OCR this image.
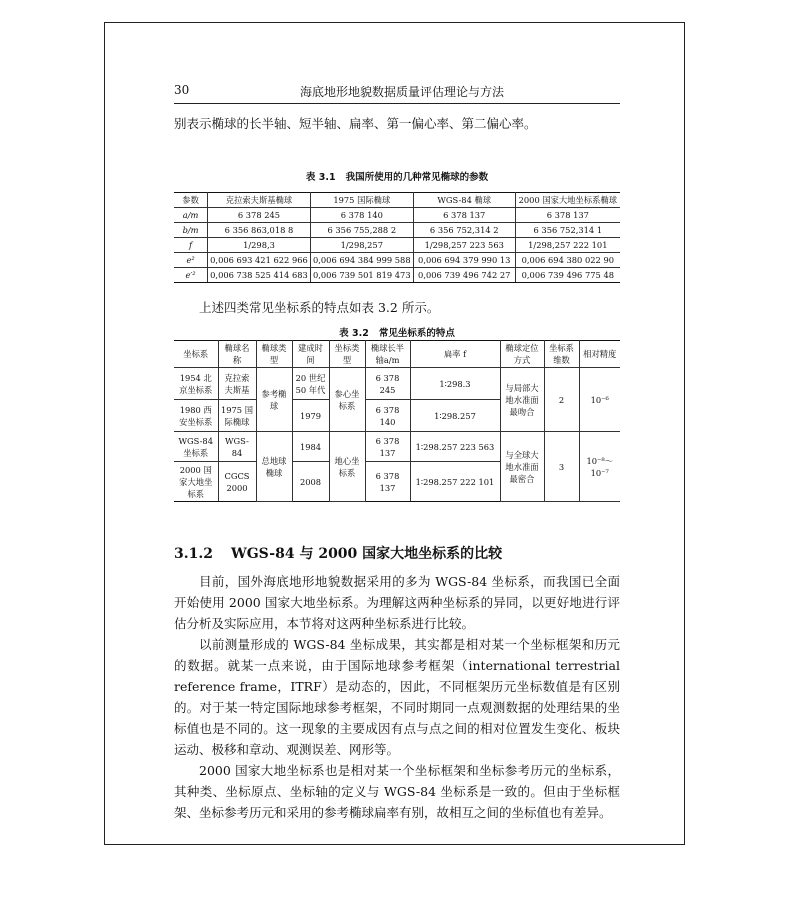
30	海底地形地貌数据质量评估理论与方法

别表示椭球的长半轴、短半轴、扁率、第一偏心率、第二偏心率。

表 3.1 我国所使用的几种常见椭球的参数
参数	克拉索夫斯基椭球	1975 国际椭球	WGS-84 椭球	2000 国家大地坐标系椭球
a/m	6 378 245	6 378 140	6 378 137	6 378 137
b/m	6 356 863,018 8	6 356 755,288 2	6 356 752,314 2	6 356 752,314 1
f	1/298,3	1/298,257	1/298,257 223 563	1/298,257 222 101
e²	0,006 693 421 622 966	0,006 694 384 999 588	0,006 694 379 990 13	0,006 694 380 022 90
e′²	0,006 738 525 414 683	0,006 739 501 819 473	0,006 739 496 742 27	0,006 739 496 775 48

上述四类常见坐标系的特点如表 3.2 所示。

表 3.2 常见坐标系的特点
坐标系	椭球名称	椭球类型	建成时间	坐标类型	椭球长半轴a/m	扁率 f	椭球定位方式	坐标系维数	相对精度
1954 北京坐标系	克拉索夫斯基	参考椭球	20 世纪 50 年代	参心坐标系	6 378 245	1∶298.3	与局部大地水准面最吻合	2	10⁻⁶
1980 西安坐标系	1975 国际椭球		1979		6 378 140	1∶298.257			
WGS-84 坐标系	WGS-84	总地球椭球	1984	地心坐标系	6 378 137	1∶298.257 223 563	与全球大地水准面最密合	3	10⁻⁸～10⁻⁷
2000 国家大地坐标系	CGCS 2000		2008		6 378 137	1∶298.257 222 101			
3.1.2 WGS-84 与 2000 国家大地坐标系的比较

目前，国外海底地形地貌数据采用的多为 WGS-84 坐标系，而我国已全面开始使用 2000 国家大地坐标系。为理解这两种坐标系的异同，以更好地进行评估分析及实际应用，本节将对这两种坐标系进行比较。

以前测量形成的 WGS-84 坐标成果，其实都是相对某一个坐标框架和历元的数据。就某一点来说，由于国际地球参考框架（international terrestrial reference frame，ITRF）是动态的，因此，不同框架历元坐标数值是有区别的。对于某一特定国际地球参考框架，不同时期同一点观测数据的处理结果的坐标值也是不同的。这一现象的主要成因有点与点之间的相对位置发生变化、板块运动、极移和章动、观测误差、网形等。

2000 国家大地坐标系也是相对某一个坐标框架和坐标参考历元的坐标系，其种类、坐标原点、坐标轴的定义与 WGS-84 坐标系是一致的。但由于坐标框架、坐标参考历元和采用的参考椭球扁率有别，故相互之间的坐标值也有差异。
